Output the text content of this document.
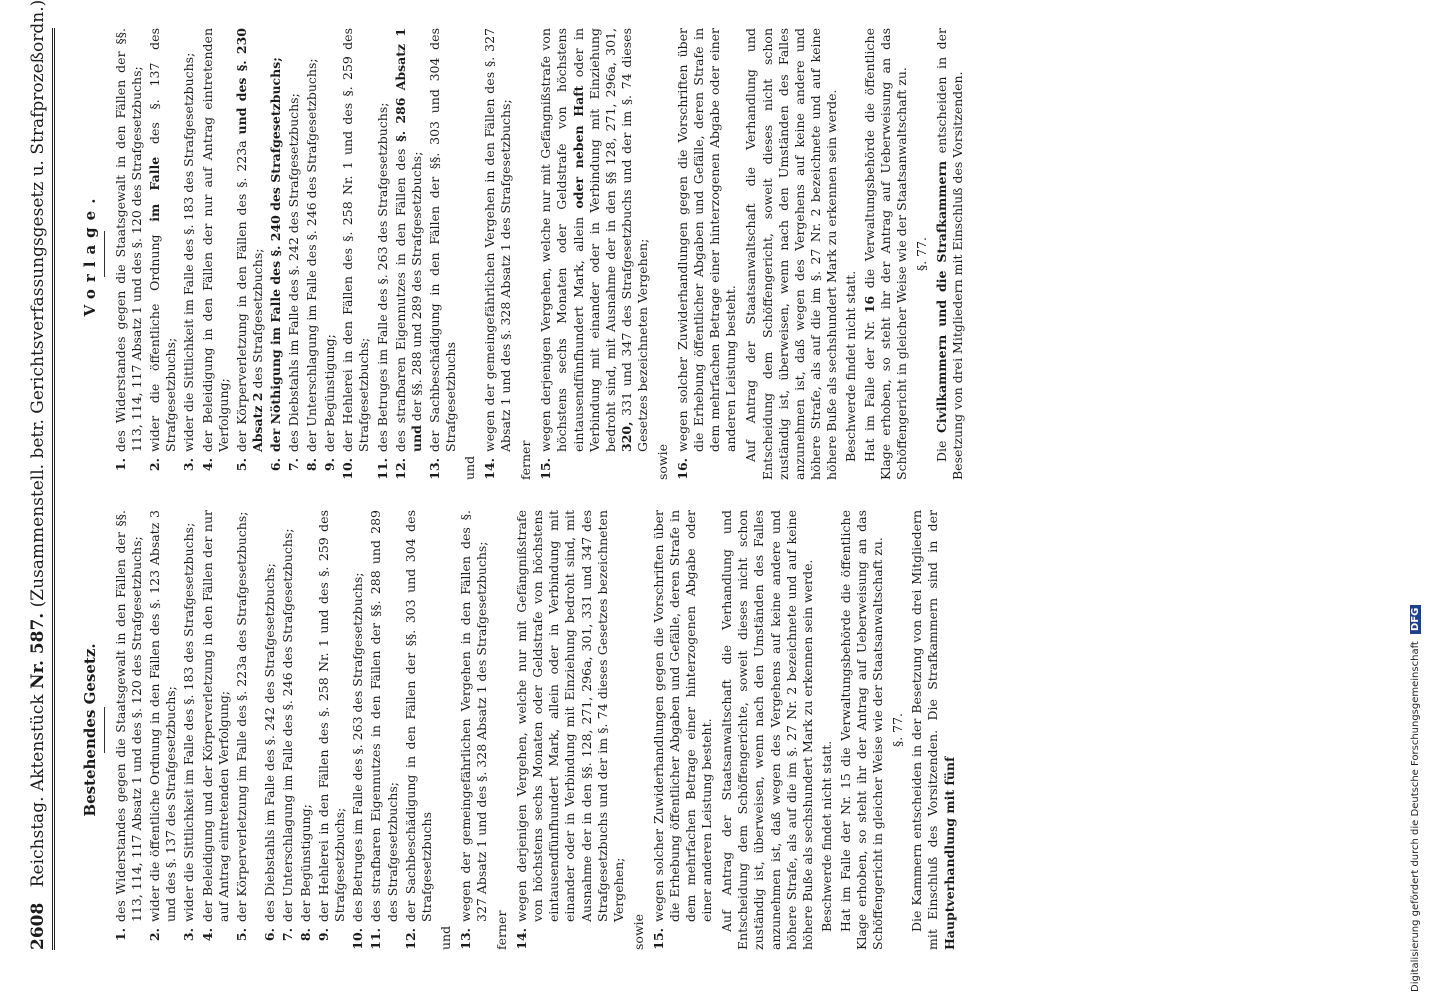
2608 Reichstag. Aktenstück Nr. 587. (Zusammenstell. betr. Gerichtsverfassungsgesetz u. Strafprozeßordn.)
Bestehendes Gesetz.
1.
des Widerstandes gegen die Staatsgewalt in den Fällen der §§. 113, 114, 117 Absatz 1 und des §. 120 des Strafgesetzbuchs;
2.
wider die öffentliche Ordnung in den Fällen des §. 123 Absatz 3 und des §. 137 des Strafgesetzbuchs;
3.
wider die Sittlichkeit im Falle des §. 183 des Strafgesetzbuchs;
4.
der Beleidigung und der Körperverletzung in den Fällen der nur auf Antrag eintretenden Verfolgung;
5.
der Körperverletzung im Falle des §. 223a des Strafgesetzbuchs;
6.
des Diebstahls im Falle des §. 242 des Strafgesetzbuchs;
7.
der Unterschlagung im Falle des §. 246 des Strafgesetzbuchs;
8.
der Begünstigung;
9.
der Hehlerei in den Fällen des §. 258 Nr. 1 und des §. 259 des Strafgesetzbuchs;
10.
des Betruges im Falle des §. 263 des Strafgesetzbuchs;
11.
des strafbaren Eigennutzes in den Fällen der §§. 288 und 289 des Strafgesetzbuchs;
12.
der Sachbeschädigung in den Fällen der §§. 303 und 304 des Strafgesetzbuchs
und 13.
wegen der gemeingefährlichen Vergehen in den Fällen des §. 327 Absatz 1 und des §. 328 Absatz 1 des Strafgesetzbuchs;
ferner 14.
wegen derjenigen Vergehen, welche nur mit Gefängnißstrafe von höchstens sechs Monaten oder Geldstrafe von höchstens eintausendfünfhundert Mark, allein oder in Verbindung mit einander oder in Verbindung mit Einziehung bedroht sind, mit Ausnahme der in den §§. 128, 271, 296a, 301, 331 und 347 des Strafgesetzbuchs und der im §. 74 dieses Gesetzes bezeichneten Vergehen;
sowie 15.
wegen solcher Zuwiderhandlungen gegen die Vorschriften über die Erhebung öffentlicher Abgaben und Gefälle, deren Strafe in dem mehrfachen Betrage einer hinterzogenen Abgabe oder einer anderen Leistung besteht. Auf Antrag der Staatsanwaltschaft die Verhandlung und Entscheidung dem Schöffengerichte, soweit dieses nicht schon zuständig ist, überweisen, wenn nach den Umständen des Falles anzunehmen ist, daß wegen des Vergehens auf keine andere und höhere Strafe, als auf die im §. 27 Nr. 2 bezeichnete und auf keine höhere Buße als sechshundert Mark zu erkennen sein werde. Beschwerde findet nicht statt. Hat im Falle der Nr. 15 die Verwaltungsbehörde die öffentliche Klage erhoben, so steht ihr der Antrag auf Ueberweisung an das Schöffengericht in gleicher Weise wie der Staatsanwaltschaft zu. §. 77. Die Kammern entscheiden in der Besetzung von drei Mitgliedern mit Einschluß des Vorsitzenden. Die Strafkammern sind in der Hauptverhandlung mit fünf

Vorlage.
1.
des Widerstandes gegen die Staatsgewalt in den Fällen der §§. 113, 114, 117 Absatz 1 und des §. 120 des Strafgesetzbuchs;
2.
wider die öffentliche Ordnung im Falle des §. 137 des Strafgesetzbuchs;
3.
wider die Sittlichkeit im Falle des §. 183 des Strafgesetzbuchs;
4.
der Beleidigung in den Fällen der nur auf Antrag eintretenden Verfolgung;
5.
der Körperverletzung in den Fällen des §. 223a und des §. 230 Absatz 2 des Strafgesetzbuchs;
6.
der Nöthigung im Falle des §. 240 des Strafgesetzbuchs;
7.
des Diebstahls im Falle des §. 242 des Strafgesetzbuchs;
8.
der Unterschlagung im Falle des §. 246 des Strafgesetzbuchs;
9.
der Begünstigung;
10.
der Hehlerei in den Fällen des §. 258 Nr. 1 und des §. 259 des Strafgesetzbuchs;
11.
des Betruges im Falle des §. 263 des Strafgesetzbuchs;
12.
des strafbaren Eigennutzes in den Fällen des §. 286 Absatz 1 und der §§. 288 und 289 des Strafgesetzbuchs;
13.
der Sachbeschädigung in den Fällen der §§. 303 und 304 des Strafgesetzbuchs
und 14.
wegen der gemeingefährlichen Vergehen in den Fällen des §. 327 Absatz 1 und des §. 328 Absatz 1 des Strafgesetzbuchs;
ferner 15.
wegen derjenigen Vergehen, welche nur mit Gefängnißstrafe von höchstens sechs Monaten oder Geldstrafe von höchstens eintausendfünfhundert Mark, allein oder neben Haft oder in Verbindung mit einander oder in Verbindung mit Einziehung bedroht sind, mit Ausnahme der in den §§ 128, 271, 296a, 301, 320, 331 und 347 des Strafgesetzbuchs und der im §. 74 dieses Gesetzes bezeichneten Vergehen;
sowie 16.
wegen solcher Zuwiderhandlungen gegen die Vorschriften über die Erhebung öffentlicher Abgaben und Gefälle, deren Strafe in dem mehrfachen Betrage einer hinterzogenen Abgabe oder einer anderen Leistung besteht. Auf Antrag der Staatsanwaltschaft die Verhandlung und Entscheidung dem Schöffengericht, soweit dieses nicht schon zuständig ist, überweisen, wenn nach den Umständen des Falles anzunehmen ist, daß wegen des Vergehens auf keine andere und höhere Strafe, als auf die im §. 27 Nr. 2 bezeichnete und auf keine höhere Buße als sechshundert Mark zu erkennen sein werde. Beschwerde findet nicht statt. Hat im Falle der Nr. 16 die Verwaltungsbehörde die öffentliche Klage erhoben, so steht ihr der Antrag auf Ueberweisung an das Schöffengericht in gleicher Weise wie der Staatsanwaltschaft zu. §. 77.

Die Civilkammern und die Strafkammern entscheiden in der Besetzung von drei Mitgliedern mit Einschluß des Vorsitzenden.

Digitalisierung gefördert durch die Deutsche Forschungsgemeinschaft DFG
